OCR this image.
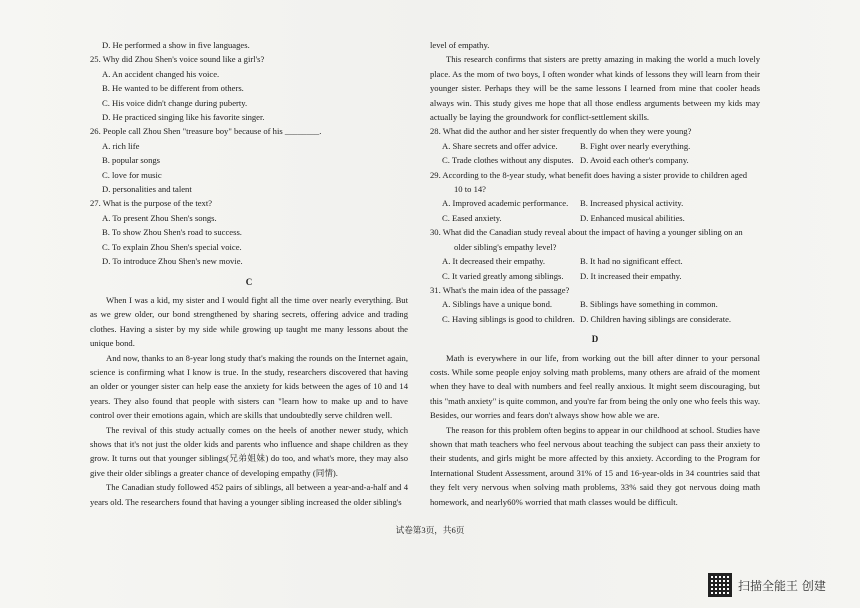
D. He performed a show in five languages.
25. Why did Zhou Shen's voice sound like a girl's?
A. An accident changed his voice.
B. He wanted to be different from others.
C. His voice didn't change during puberty.
D. He practiced singing like his favorite singer.
26. People call Zhou Shen "treasure boy" because of his ________.
A. rich life
B. popular songs
C. love for music
D. personalities and talent
27. What is the purpose of the text?
A. To present Zhou Shen's songs.
B. To show Zhou Shen's road to success.
C. To explain Zhou Shen's special voice.
D. To introduce Zhou Shen's new movie.
C
When I was a kid, my sister and I would fight all the time over nearly everything. But as we grew older, our bond strengthened by sharing secrets, offering advice and trading clothes. Having a sister by my side while growing up taught me many lessons about the unique bond.
And now, thanks to an 8-year long study that's making the rounds on the Internet again, science is confirming what I know is true. In the study, researchers discovered that having an older or younger sister can help ease the anxiety for kids between the ages of 10 and 14 years. They also found that people with sisters can "learn how to make up and to have control over their emotions again, which are skills that undoubtedly serve children well.
The revival of this study actually comes on the heels of another newer study, which shows that it's not just the older kids and parents who influence and shape children as they grow. It turns out that younger siblings(兄弟姐妹) do too, and what's more, they may also give their older siblings a greater chance of developing empathy (同情).
The Canadian study followed 452 pairs of siblings, all between a year-and-a-half and 4 years old. The researchers found that having a younger sibling increased the older sibling's
level of empathy.
This research confirms that sisters are pretty amazing in making the world a much lovely place. As the mom of two boys, I often wonder what kinds of lessons they will learn from their younger sister. Perhaps they will be the same lessons I learned from mine that cooler heads always win. This study gives me hope that all those endless arguments between my kids may actually be laying the groundwork for conflict-settlement skills.
28. What did the author and her sister frequently do when they were young?
A. Share secrets and offer advice.	B. Fight over nearly everything.
C. Trade clothes without any disputes. D. Avoid each other's company.
29. According to the 8-year study, what benefit does having a sister provide to children aged
10 to 14?
A. Improved academic performance.	B. Increased physical activity.
C. Eased anxiety.	D. Enhanced musical abilities.
30. What did the Canadian study reveal about the impact of having a younger sibling on an
older sibling's empathy level?
A. It decreased their empathy.	B. It had no significant effect.
C. It varied greatly among siblings.	D. It increased their empathy.
31. What's the main idea of the passage?
A. Siblings have a unique bond.	B. Siblings have something in common.
C. Having siblings is good to children. D. Children having siblings are considerate.
D
Math is everywhere in our life, from working out the bill after dinner to your personal costs. While some people enjoy solving math problems, many others are afraid of the moment when they have to deal with numbers and feel really anxious. It might seem discouraging, but this "math anxiety" is quite common, and you're far from being the only one who feels this way. Besides, our worries and fears don't always show how able we are.
The reason for this problem often begins to appear in our childhood at school. Studies have shown that math teachers who feel nervous about teaching the subject can pass their anxiety to their students, and girls might be more affected by this anxiety. According to the Program for International Student Assessment, around 31% of 15 and 16-year-olds in 34 countries said that they felt very nervous when solving math problems, 33% said they got nervous doing math homework, and nearly60% worried that math classes would be difficult.
试卷第3页，共6页
扫描全能王 创建
